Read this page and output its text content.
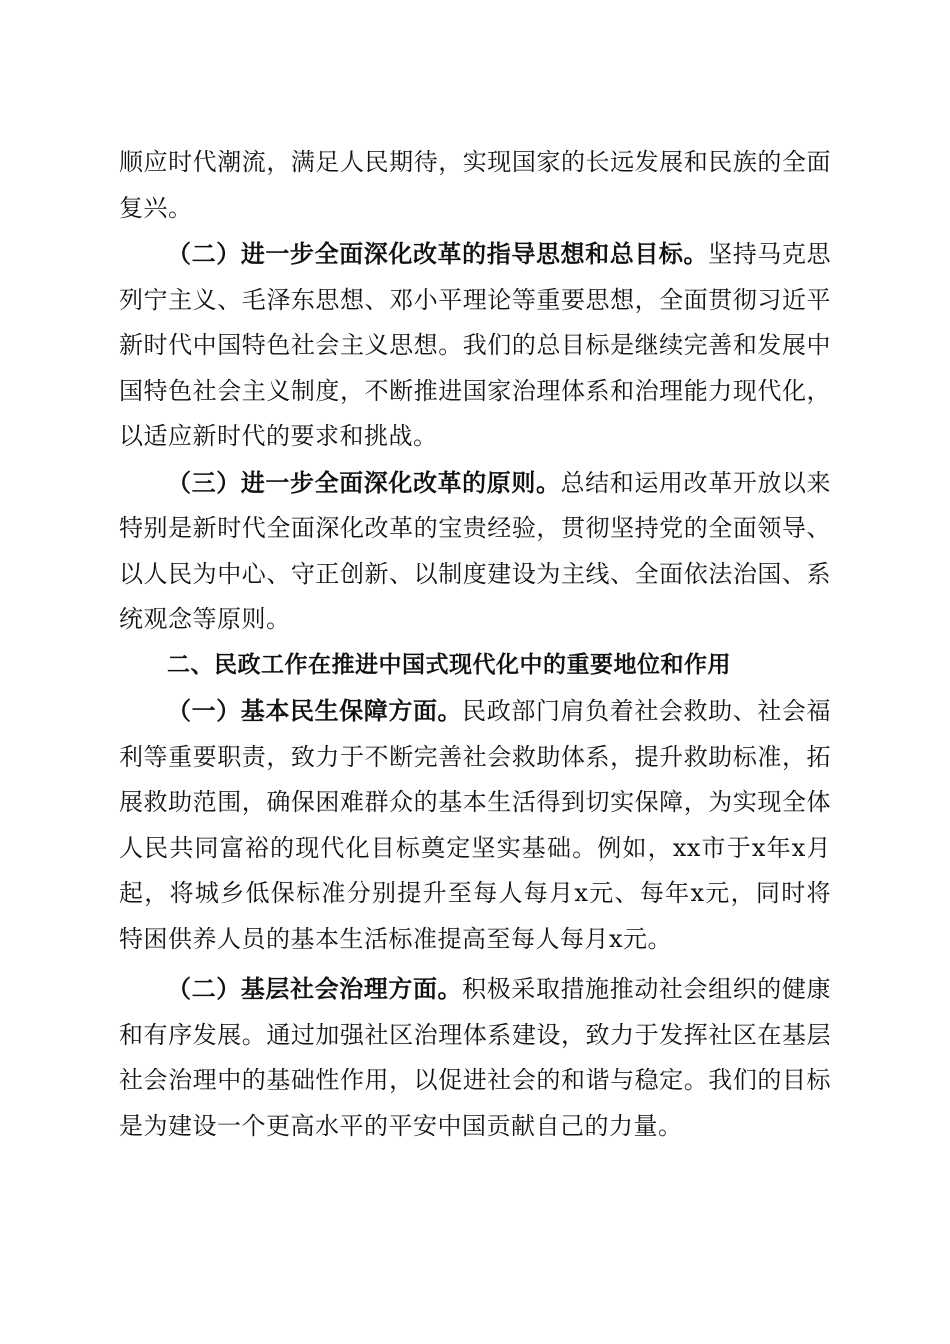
顺应时代潮流，满足人民期待，实现国家的长远发展和民族的全面复兴。

（二）进一步全面深化改革的指导思想和总目标。坚持马克思列宁主义、毛泽东思想、邓小平理论等重要思想，全面贯彻习近平新时代中国特色社会主义思想。我们的总目标是继续完善和发展中国特色社会主义制度，不断推进国家治理体系和治理能力现代化，以适应新时代的要求和挑战。

（三）进一步全面深化改革的原则。总结和运用改革开放以来特别是新时代全面深化改革的宝贵经验，贯彻坚持党的全面领导、以人民为中心、守正创新、以制度建设为主线、全面依法治国、系统观念等原则。

二、民政工作在推进中国式现代化中的重要地位和作用

（一）基本民生保障方面。民政部门肩负着社会救助、社会福利等重要职责，致力于不断完善社会救助体系，提升救助标准，拓展救助范围，确保困难群众的基本生活得到切实保障，为实现全体人民共同富裕的现代化目标奠定坚实基础。例如，xx市于x年x月起，将城乡低保标准分别提升至每人每月x元、每年x元，同时将特困供养人员的基本生活标准提高至每人每月x元。

（二）基层社会治理方面。积极采取措施推动社会组织的健康和有序发展。通过加强社区治理体系建设，致力于发挥社区在基层社会治理中的基础性作用，以促进社会的和谐与稳定。我们的目标是为建设一个更高水平的平安中国贡献自己的力量。
